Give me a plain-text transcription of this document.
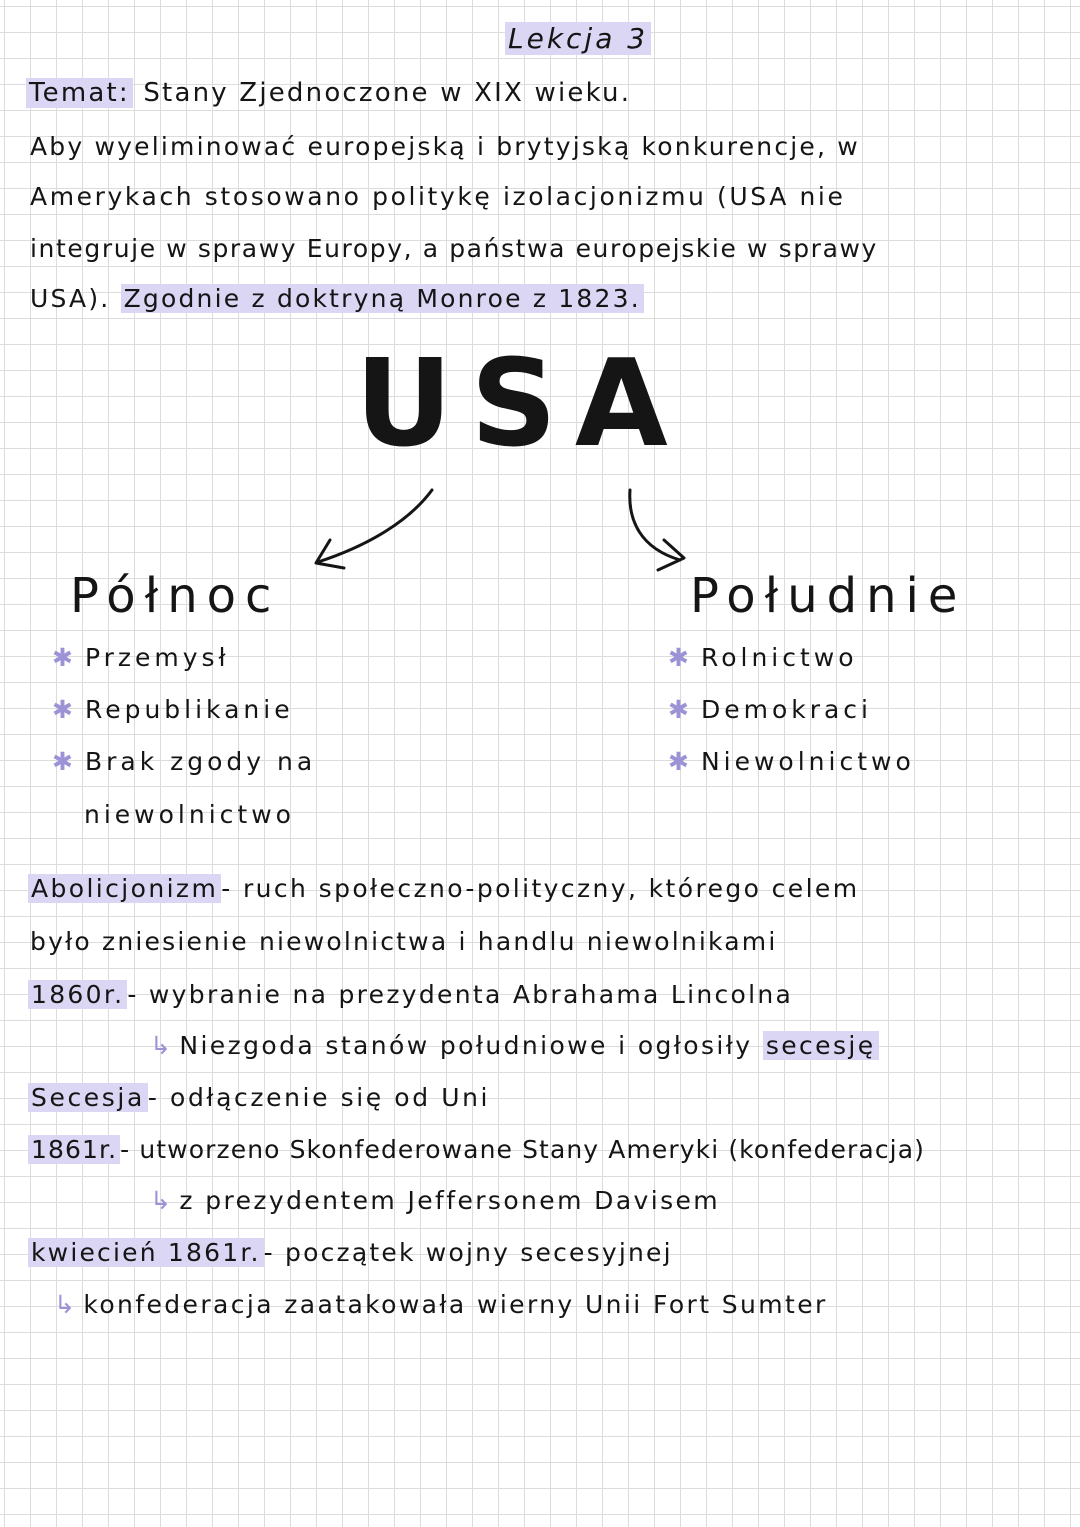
Lekcja 3
Temat: Stany Zjednoczone w XIX wieku.
Aby wyeliminować europejską i brytyjską konkurencje, w
Amerykach stosowano politykę izolacjonizmu (USA nie
integruje w sprawy Europy, a państwa europejskie w sprawy
USA). Zgodnie z doktryną Monroe z 1823.
USA
Północ	Południe
✱ Przemysł
✱ Republikanie
✱ Brak zgody na
niewolnictwo
✱ Rolnictwo
✱ Demokraci
✱ Niewolnictwo
Abolicjonizm - ruch społeczno-polityczny, którego celem
było zniesienie niewolnictwa i handlu niewolnikami
1860r. - wybranie na prezydenta Abrahama Lincolna
↳ Niezgoda stanów południowe i ogłosiły secesję
Secesja - odłączenie się od Uni
1861r. - utworzeno Skonfederowane Stany Ameryki (konfederacja)
↳ z prezydentem Jeffersonem Davisem
kwiecień 1861r. - początek wojny secesyjnej
↳ konfederacja zaatakowała wierny Unii Fort Sumter
